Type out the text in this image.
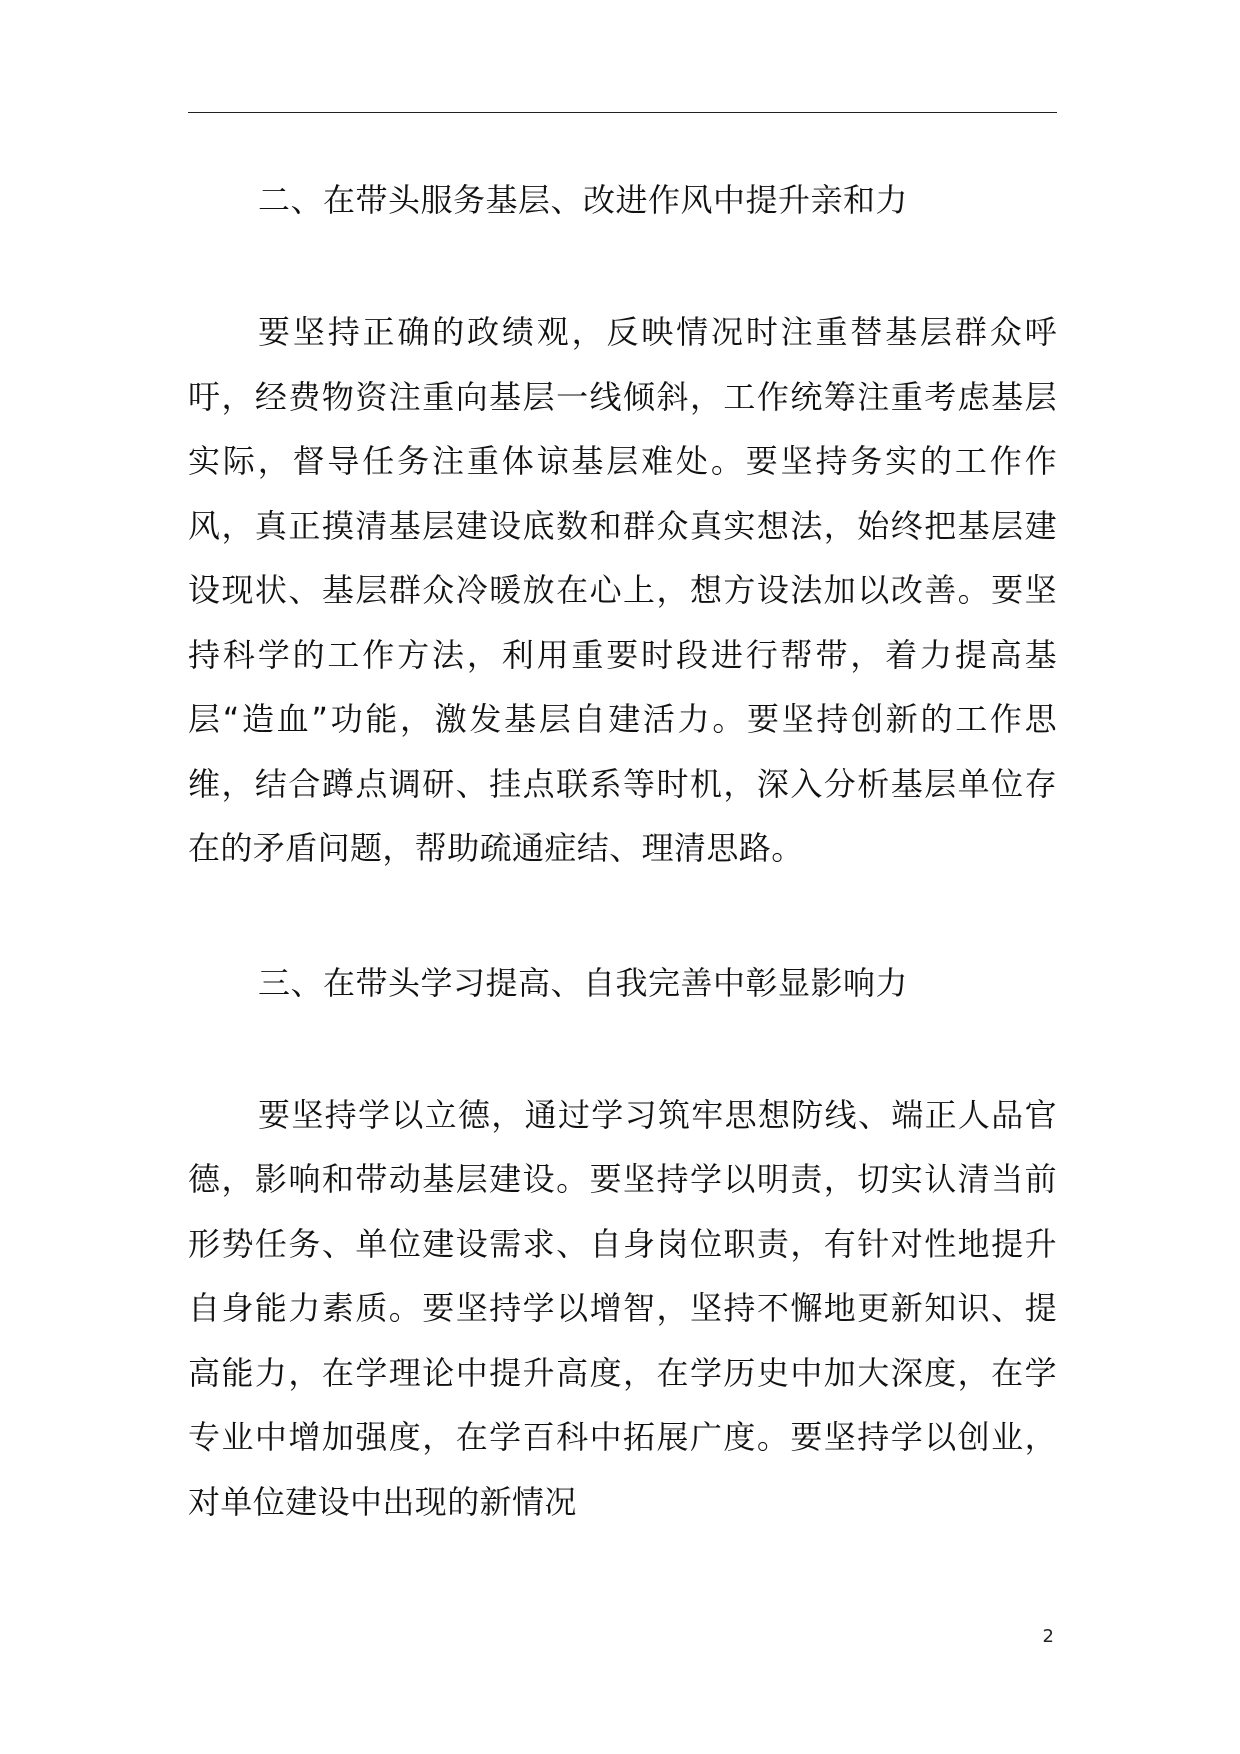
二、在带头服务基层、改进作风中提升亲和力

要坚持正确的政绩观，反映情况时注重替基层群众呼吁，经费物资注重向基层一线倾斜，工作统筹注重考虑基层实际，督导任务注重体谅基层难处。要坚持务实的工作作风，真正摸清基层建设底数和群众真实想法，始终把基层建设现状、基层群众冷暖放在心上，想方设法加以改善。要坚持科学的工作方法，利用重要时段进行帮带，着力提高基层“造血”功能，激发基层自建活力。要坚持创新的工作思维，结合蹲点调研、挂点联系等时机，深入分析基层单位存在的矛盾问题，帮助疏通症结、理清思路。

三、在带头学习提高、自我完善中彰显影响力

要坚持学以立德，通过学习筑牢思想防线、端正人品官德，影响和带动基层建设。要坚持学以明责，切实认清当前形势任务、单位建设需求、自身岗位职责，有针对性地提升自身能力素质。要坚持学以增智，坚持不懈地更新知识、提高能力，在学理论中提升高度，在学历史中加大深度，在学专业中增加强度，在学百科中拓展广度。要坚持学以创业，对单位建设中出现的新情况

2
